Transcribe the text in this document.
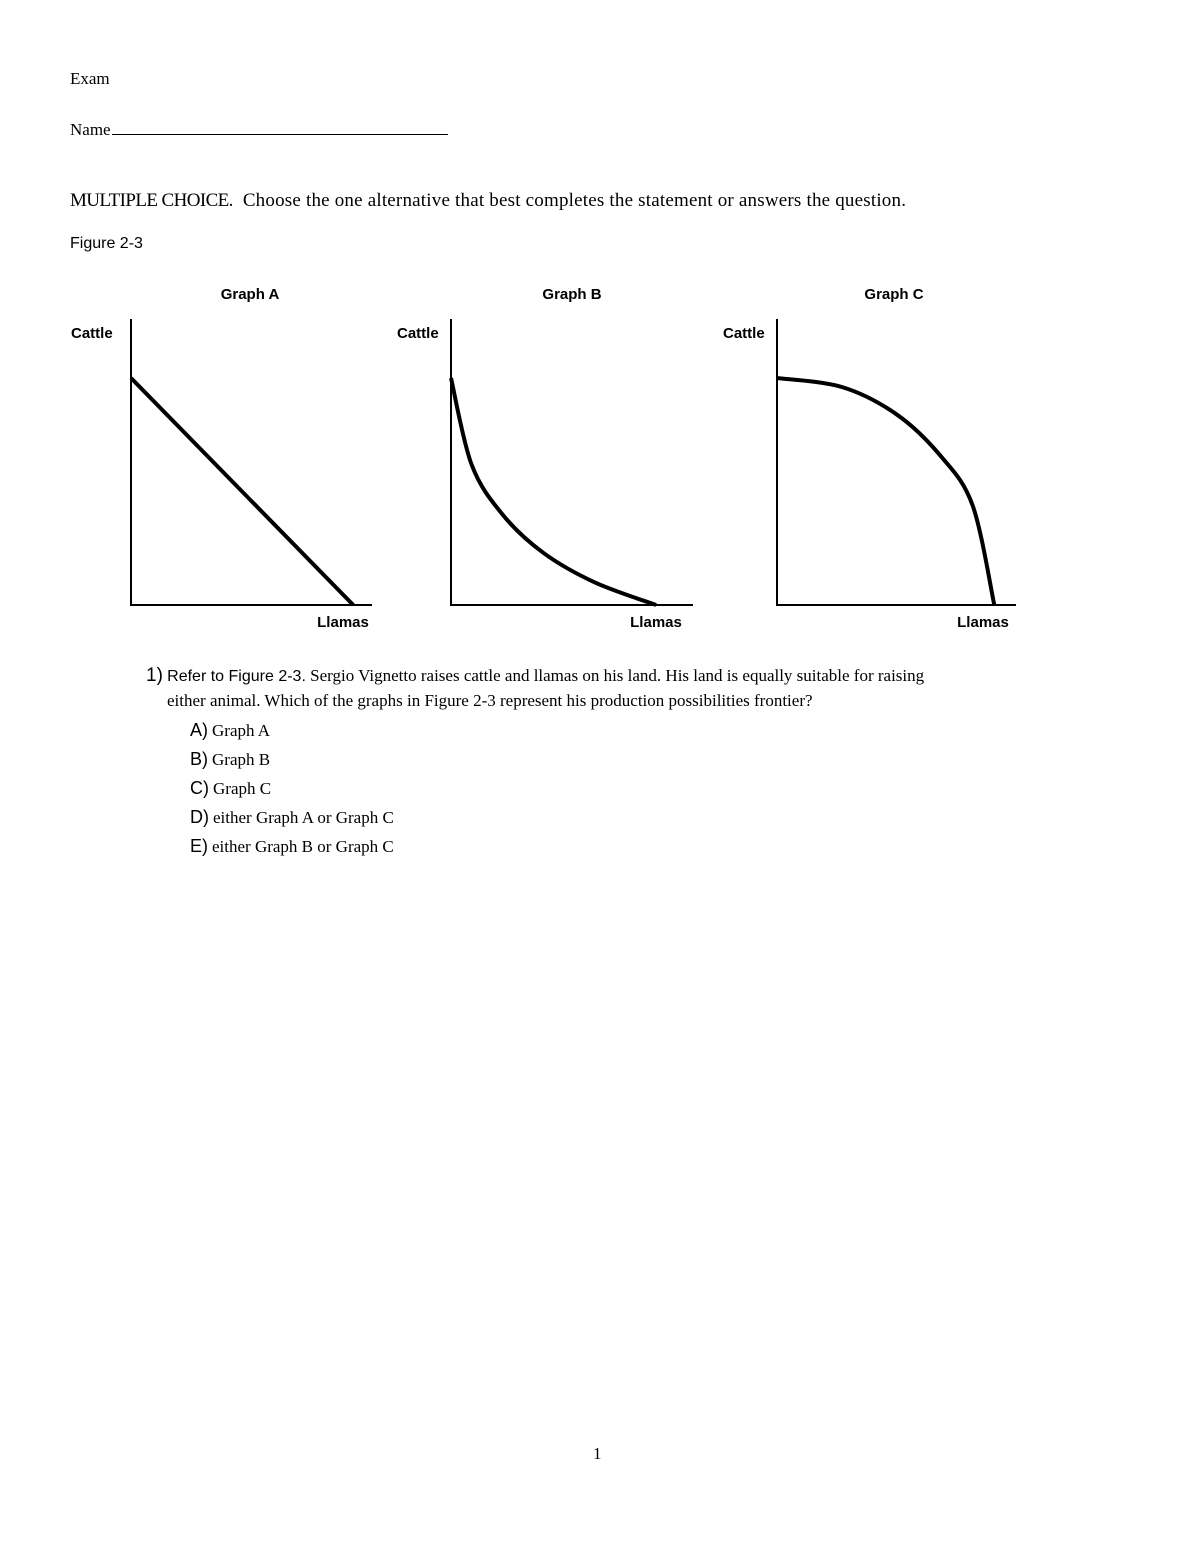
Exam
Name
MULTIPLE CHOICE. Choose the one alternative that best completes the statement or answers the question.
Figure 2-3
Graph A
Cattle
Llamas
Graph B
Cattle
Llamas
Graph C
Cattle
Llamas
1) Refer to Figure 2-3. Sergio Vignetto raises cattle and llamas on his land. His land is equally suitable for raising
either animal. Which of the graphs in Figure 2-3 represent his production possibilities frontier?
A) Graph A
B) Graph B
C) Graph C
D) either Graph A or Graph C
E) either Graph B or Graph C
1
